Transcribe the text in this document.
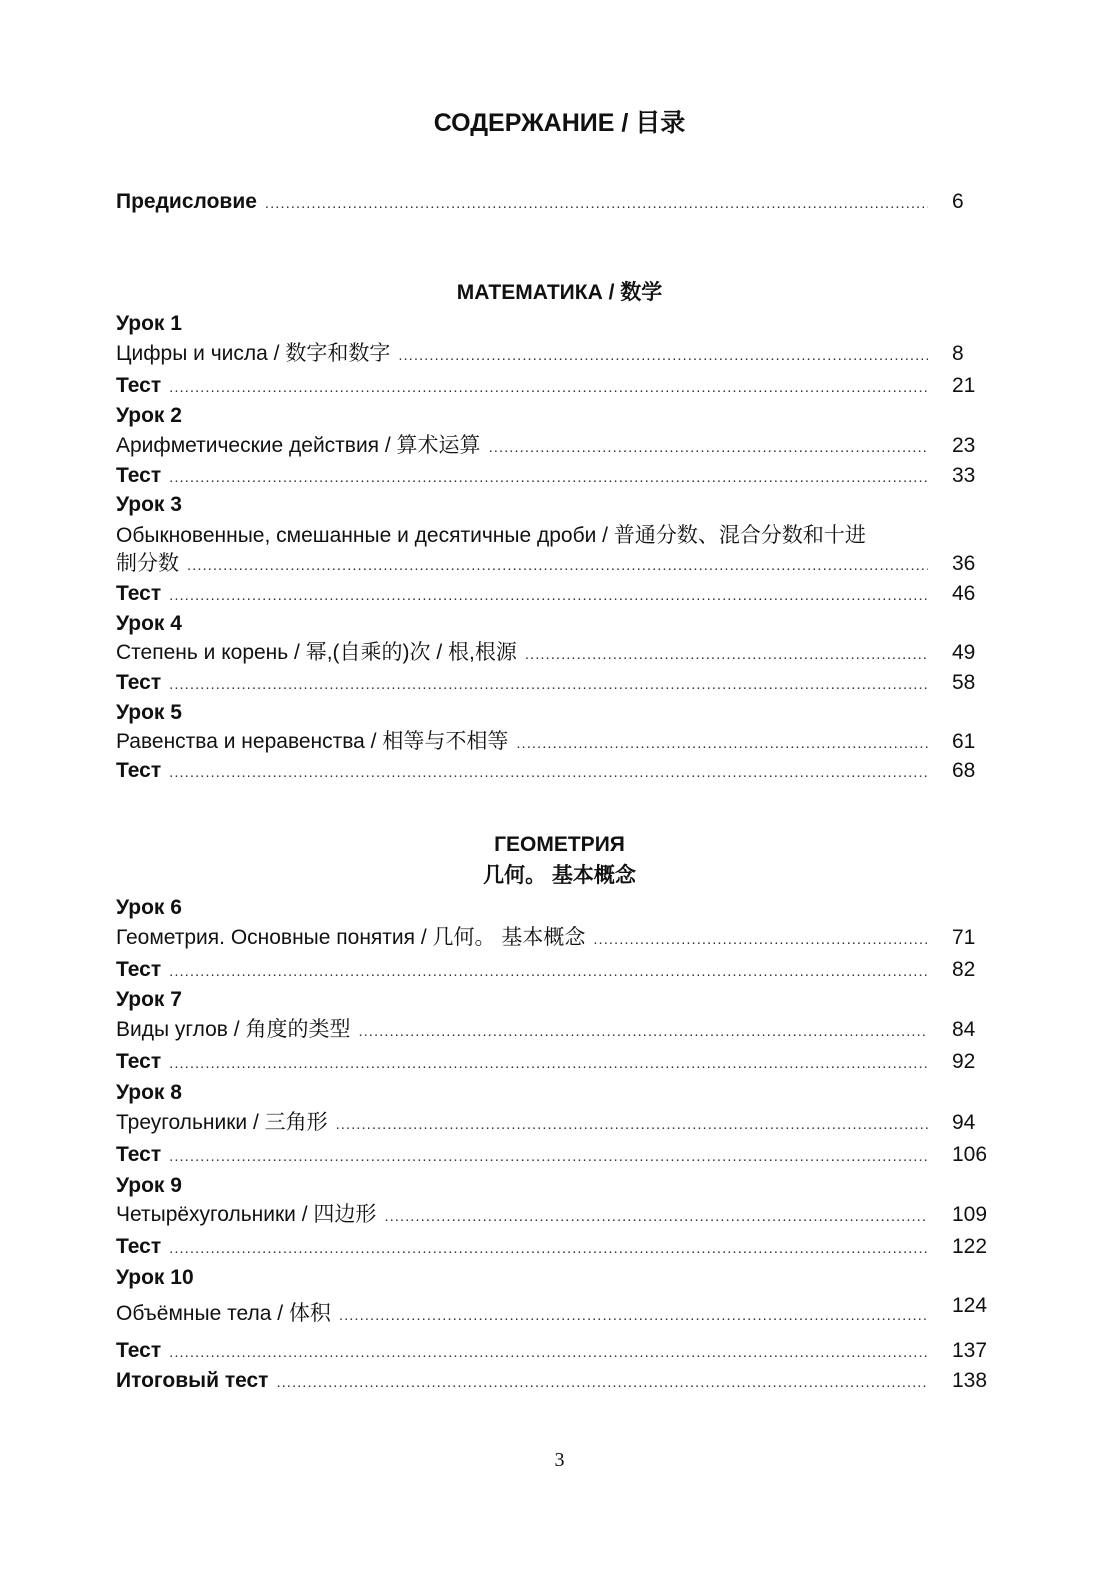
СОДЕРЖАНИЕ / 目录
Предисловие .....	6
МАТЕМАТИКА / 数学
Урок 1
Цифры и числа / 数字和数字 .....	8
Тест .....	21
Урок 2
Арифметические действия / 算术运算 .....	23
Тест .....	33
Урок 3
Обыкновенные, смешанные и десятичные дроби / 普通分数、混合分数和十进
制分数 .....	36
Тест .....	46
Урок 4
Степень и корень / 幂,(自乘的)次 / 根,根源 .....	49
Тест .....	58
Урок 5
Равенства и неравенства / 相等与不相等 .....	61
Тест .....	68
ГЕОМЕТРИЯ
几何。 基本概念
Урок 6
Геометрия. Основные понятия / 几何。 基本概念 .....	71
Тест .....	82
Урок 7
Виды углов / 角度的类型 .....	84
Тест .....	92
Урок 8
Треугольники / 三角形 .....	94
Тест .....	106
Урок 9
Четырёхугольники / 四边形 .....	109
Тест .....	122
Урок 10
Объёмные тела / 体积 .....	124
Тест .....	137
Итоговый тест .....	138
3
